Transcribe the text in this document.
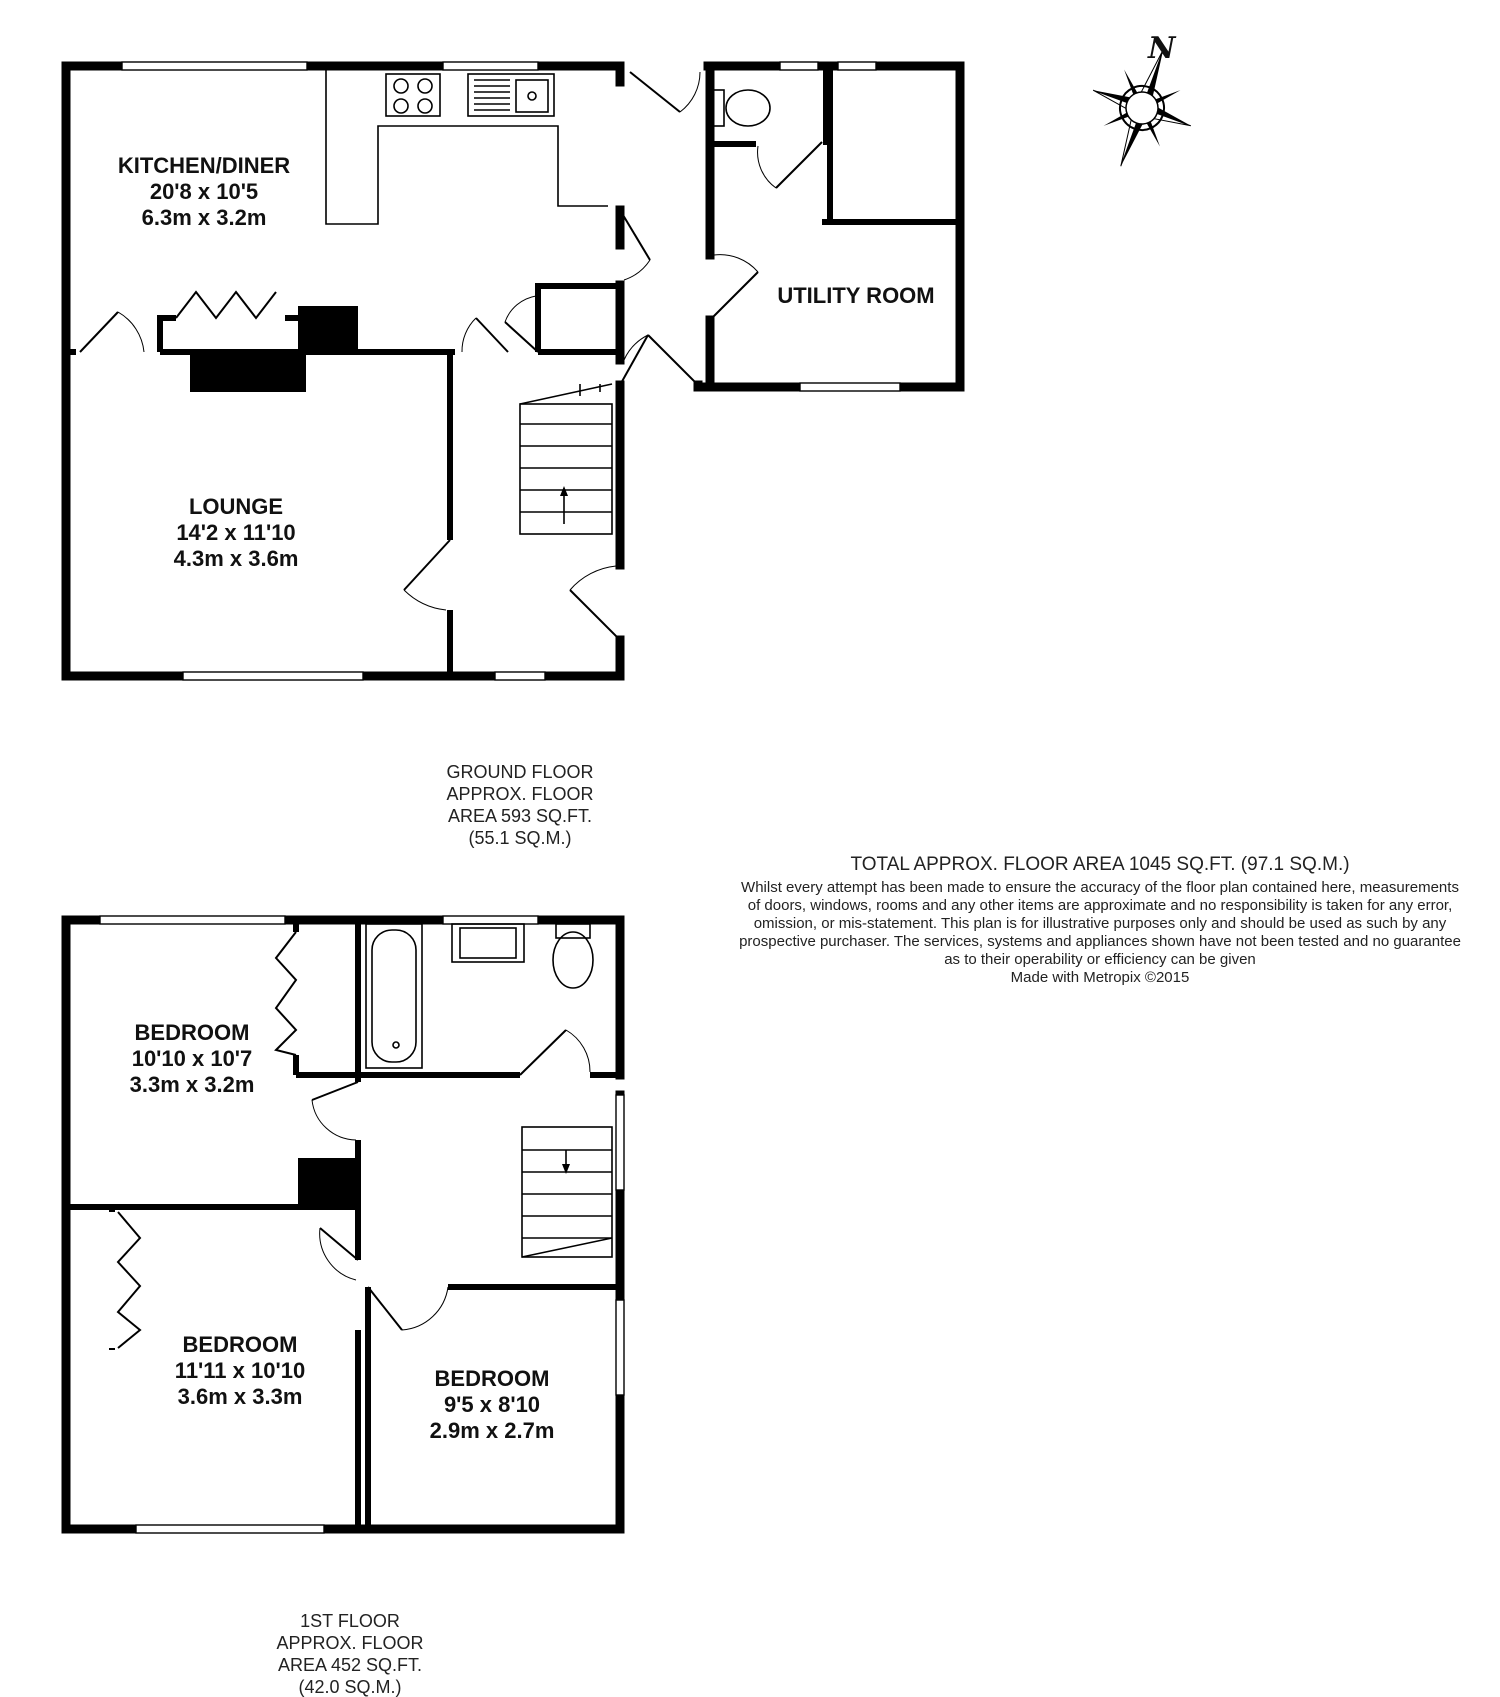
KITCHEN/DINER
20'8 x 10'5
6.3m x 3.2m
UTILITY ROOM
LOUNGE
14'2 x 11'10
4.3m x 3.6m
GROUND FLOOR
APPROX. FLOOR
AREA 593 SQ.FT.
(55.1 SQ.M.)
BEDROOM
10'10 x 10'7
3.3m x 3.2m
BEDROOM
11'11 x 10'10
3.6m x 3.3m
BEDROOM
9'5 x 8'10
2.9m x 2.7m
1ST FLOOR
APPROX. FLOOR
AREA 452 SQ.FT.
(42.0 SQ.M.)
TOTAL APPROX. FLOOR AREA 1045 SQ.FT. (97.1 SQ.M.)
Whilst every attempt has been made to ensure the accuracy of the floor plan contained here, measurements
of doors, windows, rooms and any other items are approximate and no responsibility is taken for any error,
omission, or mis-statement. This plan is for illustrative purposes only and should be used as such by any
prospective purchaser. The services, systems and appliances shown have not been tested and no guarantee
as to their operability or efficiency can be given
Made with Metropix ©2015
N
